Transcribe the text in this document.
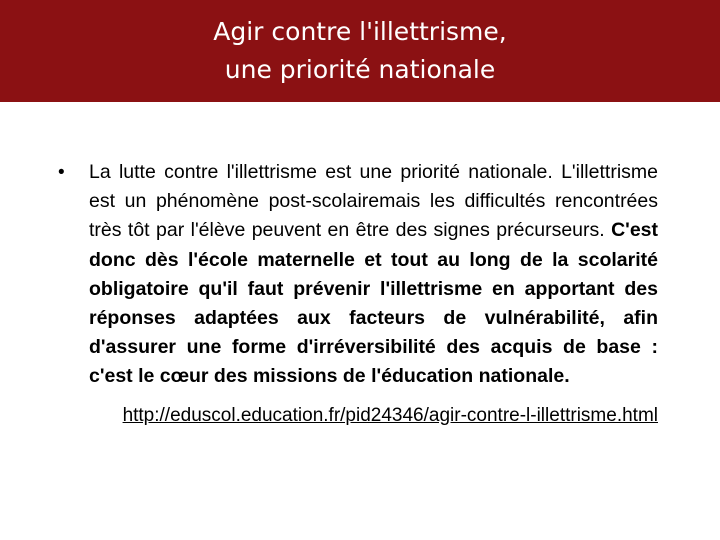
Agir contre l'illettrisme,
une priorité nationale
• La lutte contre l'illettrisme est une priorité nationale. L'illettrisme est un phénomène post-scolairemais les difficultés rencontrées très tôt par l'élève peuvent en être des signes précurseurs. C'est donc dès l'école maternelle et tout au long de la scolarité obligatoire qu'il faut prévenir l'illettrisme en apportant des réponses adaptées aux facteurs de vulnérabilité, afin d'assurer une forme d'irréversibilité des acquis de base : c'est le cœur des missions de l'éducation nationale.
http://eduscol.education.fr/pid24346/agir-contre-l-illettrisme.html
